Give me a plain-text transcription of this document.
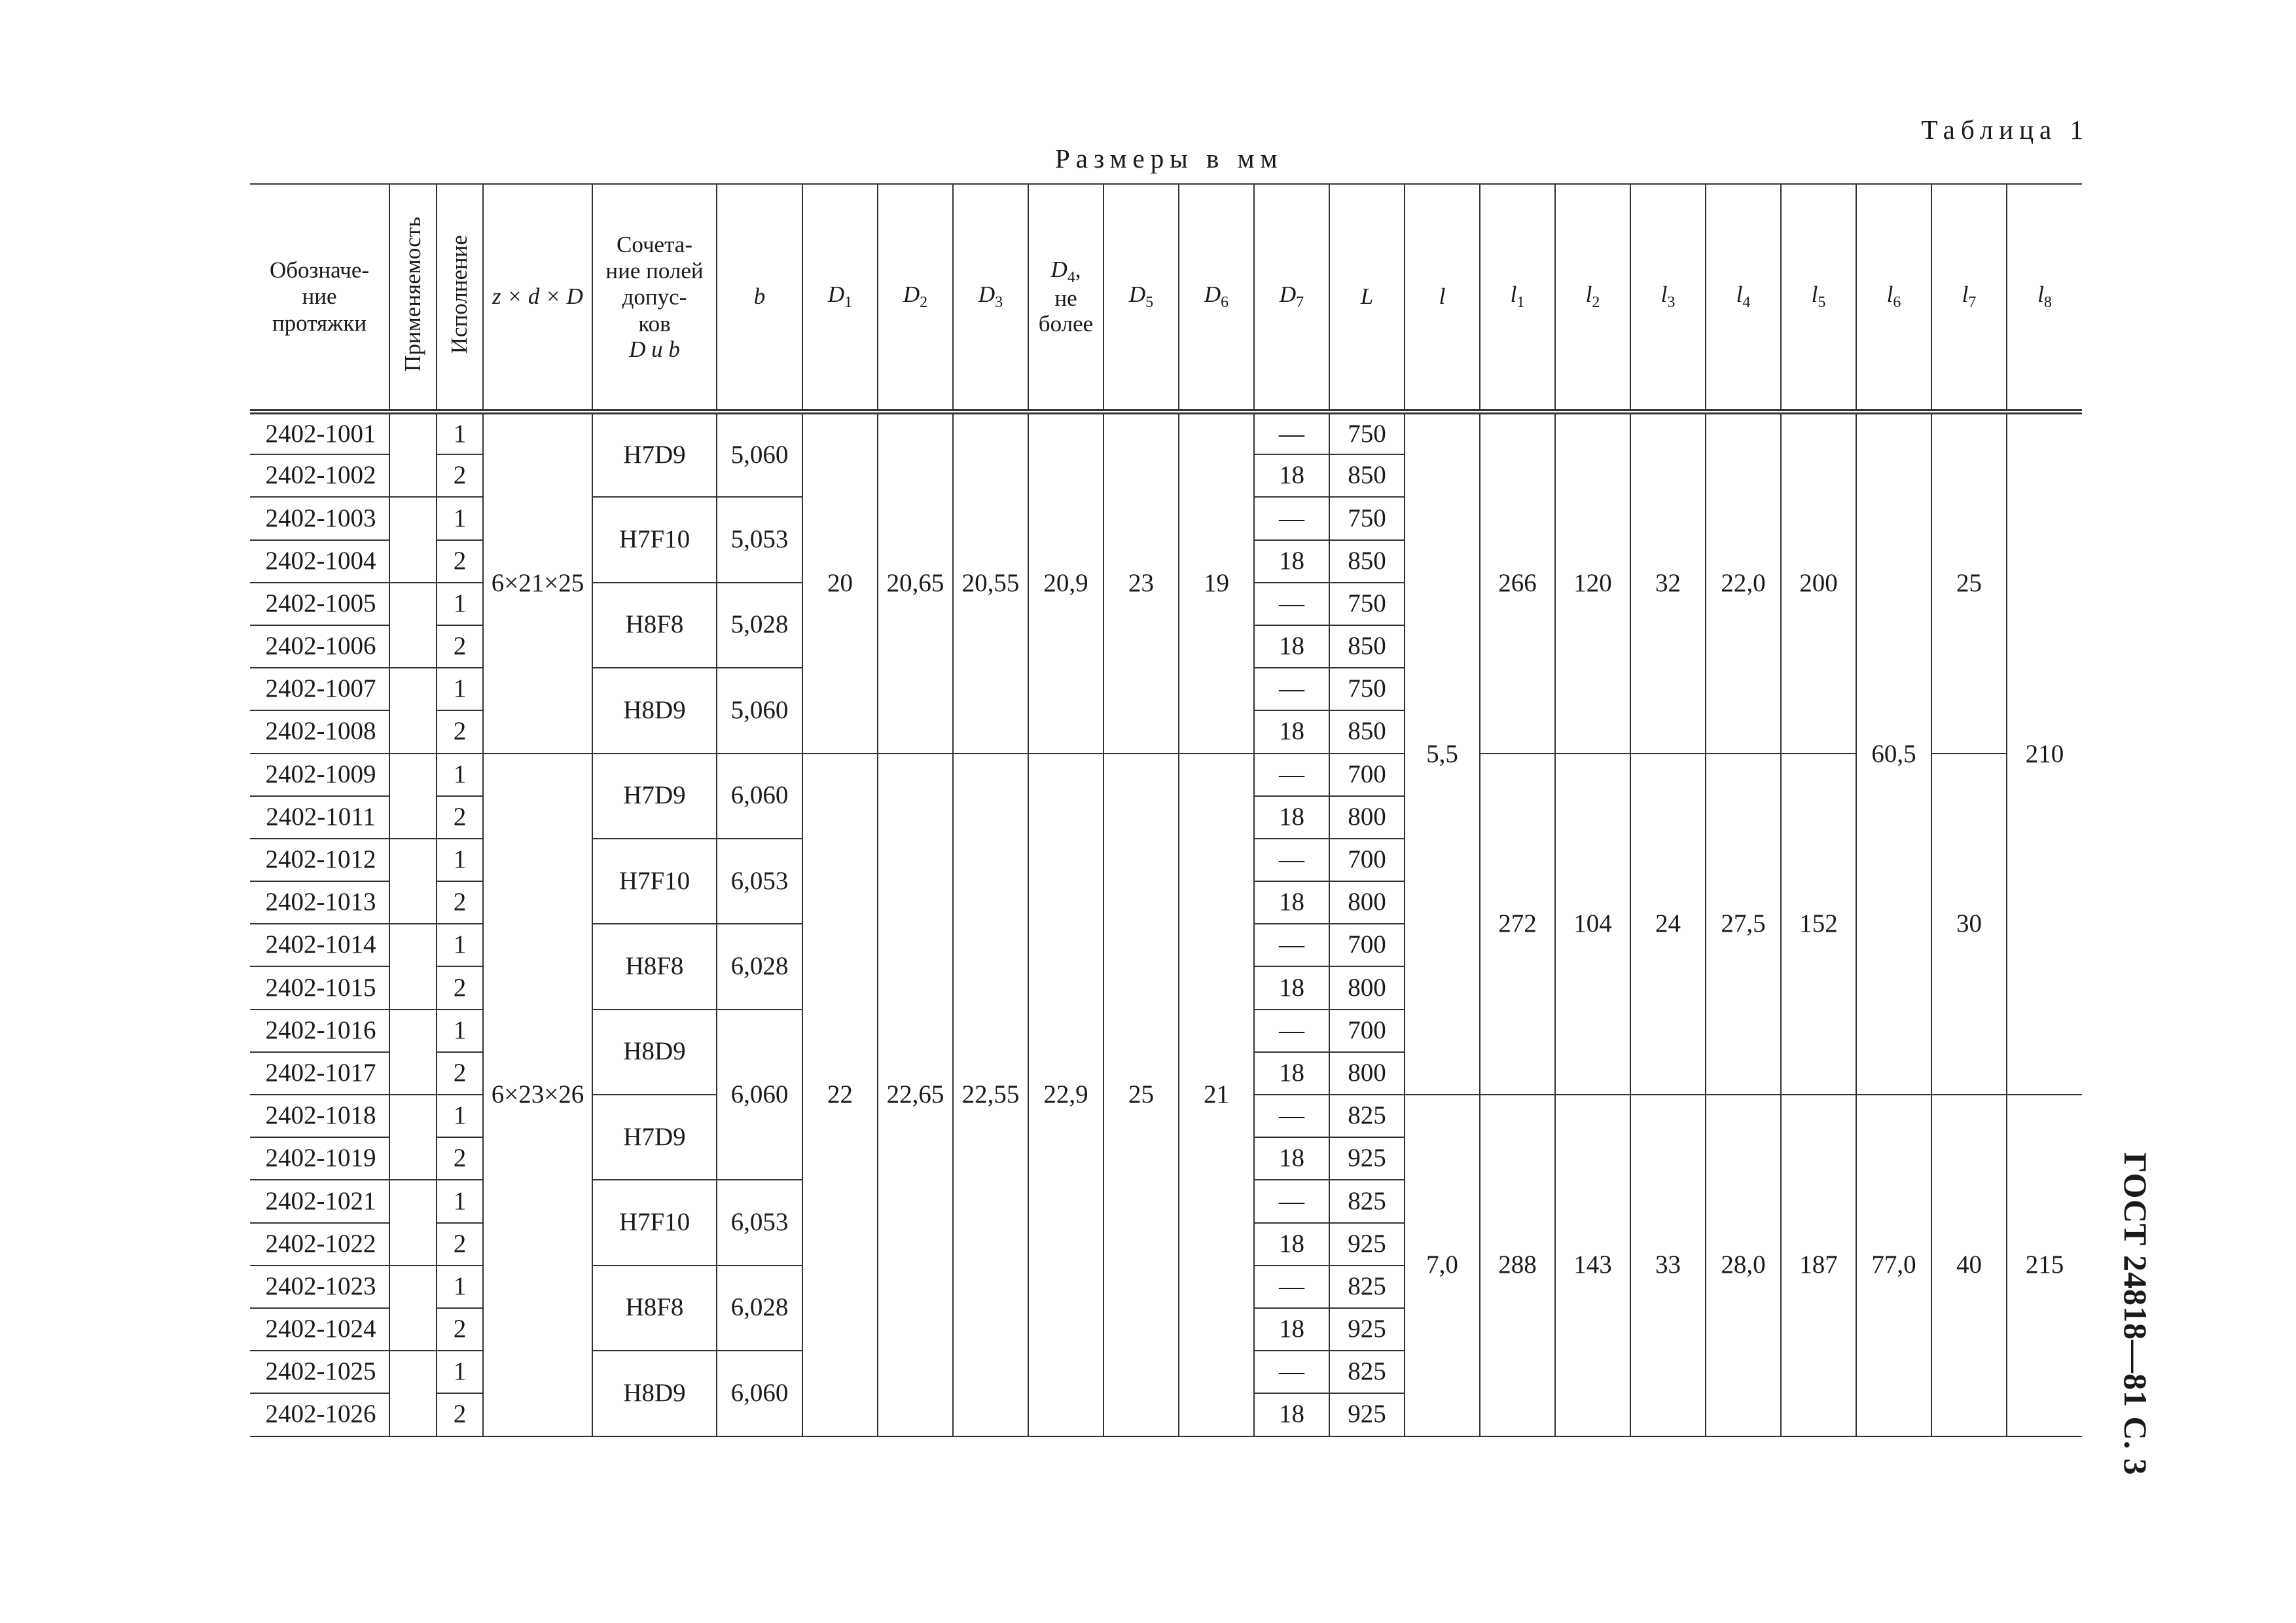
Таблица 1
Размеры в мм
ГОСТ 24818—81 С. 3
Обозначе-
ние
протяжки	Применяемость	Исполнение	z × d × D	Сочета-
ние полей
допус-
ков
D и b	b	$D_1$	$D_2$	$D_3$	$D_4$,
не
более	$D_5$	$D_6$	$D_7$	L	l	$l_1$	$l_2$	$l_3$	$l_4$	$l_5$	$l_6$	$l_7$	$l_8$
2402-1001		1	6×21×25	H7D9	5,060	20	20,65	20,55	20,9	23	19	—	750	5,5	266	120	32	22,0	200	60,5	25	210
2402-1002		2										18	850									
2402-1003		1		H7F10	5,053							—	750									
2402-1004		2										18	850									
2402-1005		1		H8F8	5,028							—	750									
2402-1006		2										18	850									
2402-1007		1		H8D9	5,060							—	750									
2402-1008		2										18	850									
2402-1009		1	6×23×26	H7D9	6,060	22	22,65	22,55	22,9	25	21	—	700		272	104	24	27,5	152		30	
2402-1011		2										18	800									
2402-1012		1		H7F10	6,053							—	700									
2402-1013		2										18	800									
2402-1014		1		H8F8	6,028							—	700									
2402-1015		2										18	800									
2402-1016		1		H8D9	6,060							—	700									
2402-1017		2										18	800									
2402-1018		1		H7D9								—	825	7,0	288	143	33	28,0	187	77,0	40	215
2402-1019		2										18	925									
2402-1021		1		H7F10	6,053							—	825									
2402-1022		2										18	925									
2402-1023		1		H8F8	6,028							—	825									
2402-1024		2										18	925									
2402-1025		1		H8D9	6,060							—	825									
2402-1026		2										18	925									
